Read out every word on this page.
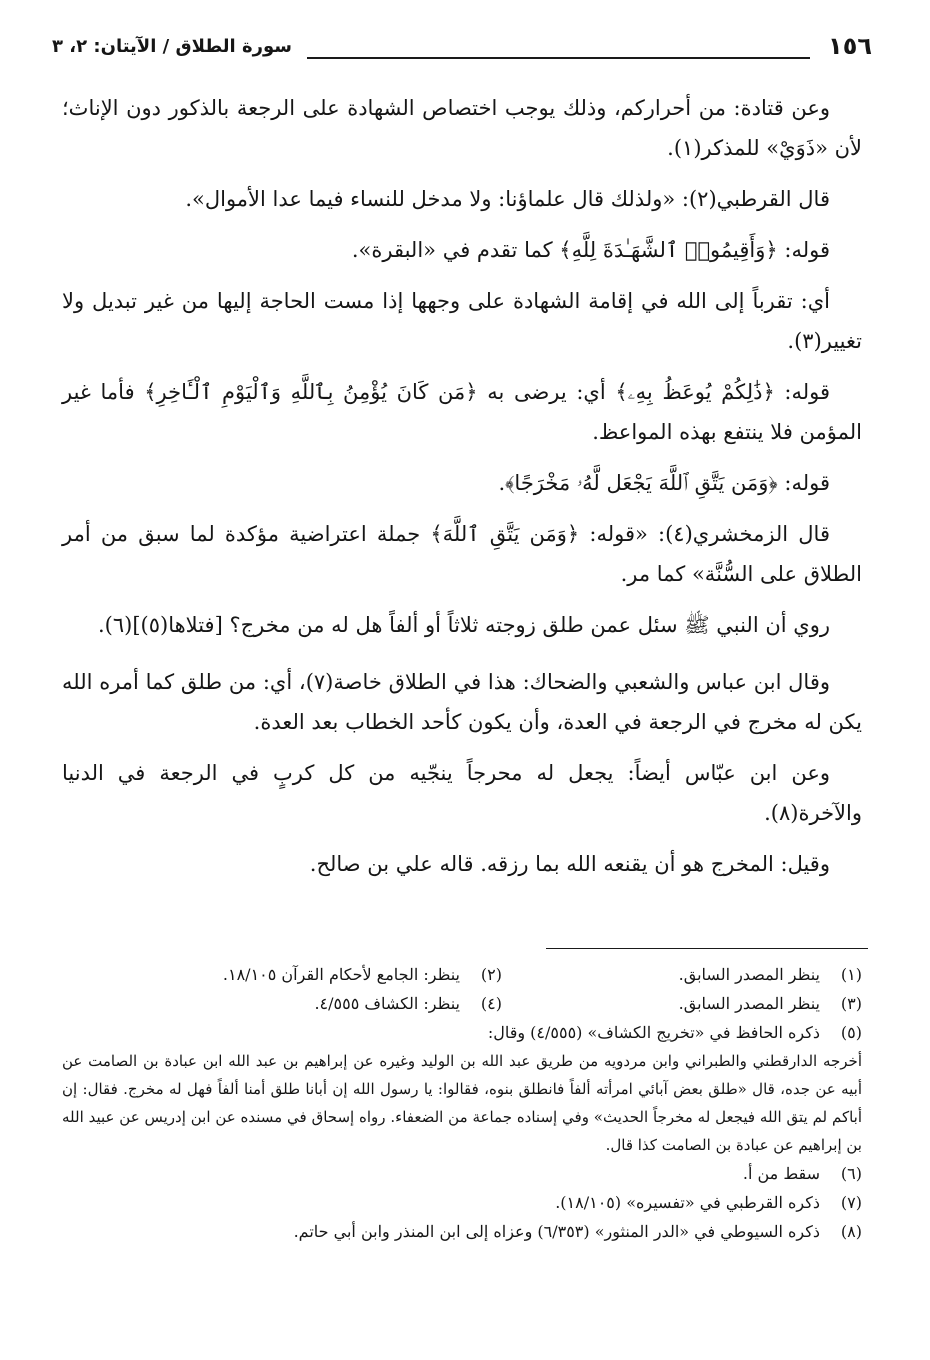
١٥٦
سورة الطلاق / الآيتان: ٢، ٣

وعن قتادة: من أحراركم، وذلك يوجب اختصاص الشهادة على الرجعة بالذكور دون الإناث؛ لأن «ذَوَيْ» للمذكر(١).

قال القرطبي(٢): «ولذلك قال علماؤنا: ولا مدخل للنساء فيما عدا الأموال».

قوله: ﴿وَأَقِيمُوا۟ ٱلشَّهَـٰدَةَ لِلَّهِ﴾ كما تقدم في «البقرة».

أي: تقرباً إلى الله في إقامة الشهادة على وجهها إذا مست الحاجة إليها من غير تبديل ولا تغيير(٣).

قوله: ﴿ذَٰلِكُمْ يُوعَظُ بِهِۦ﴾ أي: يرضى به ﴿مَن كَانَ يُؤْمِنُ بِٱللَّهِ وَٱلْيَوْمِ ٱلْـَٔاخِرِ﴾ فأما غير المؤمن فلا ينتفع بهذه المواعظ.

قوله: ﴿وَمَن يَتَّقِ ٱللَّهَ يَجْعَل لَّهُۥ مَخْرَجًا﴾.

قال الزمخشري(٤): «قوله: ﴿وَمَن يَتَّقِ ٱللَّهَ﴾ جملة اعتراضية مؤكدة لما سبق من أمر الطلاق على السُّنَّة» كما مر.

روي أن النبي ﷺ سئل عمن طلق زوجته ثلاثاً أو ألفاً هل له من مخرج؟ [فتلاها(٥)](٦).

وقال ابن عباس والشعبي والضحاك: هذا في الطلاق خاصة(٧)، أي: من طلق كما أمره الله يكن له مخرج في الرجعة في العدة، وأن يكون كأحد الخطاب بعد العدة.

وعن ابن عبّاس أيضاً: يجعل له محرجاً ينجّيه من كل كربٍ في الرجعة في الدنيا والآخرة(٨).

وقيل: المخرج هو أن يقنعه الله بما رزقه. قاله علي بن صالح.

(١)
ينظر المصدر السابق.
(٢)
ينظر: الجامع لأحكام القرآن ١٨/١٠٥.
(٣)
ينظر المصدر السابق.
(٤)
ينظر: الكشاف ٤/٥٥٥.
(٥)
ذكره الحافظ في «تخريج الكشاف» (٤/٥٥٥) وقال:
أخرجه الدارقطني والطبراني وابن مردويه من طريق عبد الله بن الوليد وغيره عن إبراهيم بن عبد الله ابن عبادة بن الصامت عن أبيه عن جده، قال «طلق بعض آبائي امرأته ألفاً فانطلق بنوه، فقالوا: يا رسول الله إن أبانا طلق أمنا ألفاً فهل له مخرج. فقال: إن أباكم لم يتق الله فيجعل له مخرجاً الحديث» وفي إسناده جماعة من الضعفاء. رواه إسحاق في مسنده عن ابن إدريس عن عبيد الله بن إبراهيم عن عبادة بن الصامت كذا قال.
(٦)
سقط من أ.
(٧)
ذكره القرطبي في «تفسيره» (١٨/١٠٥).
(٨)
ذكره السيوطي في «الدر المنثور» (٦/٣٥٣) وعزاه إلى ابن المنذر وابن أبي حاتم.
